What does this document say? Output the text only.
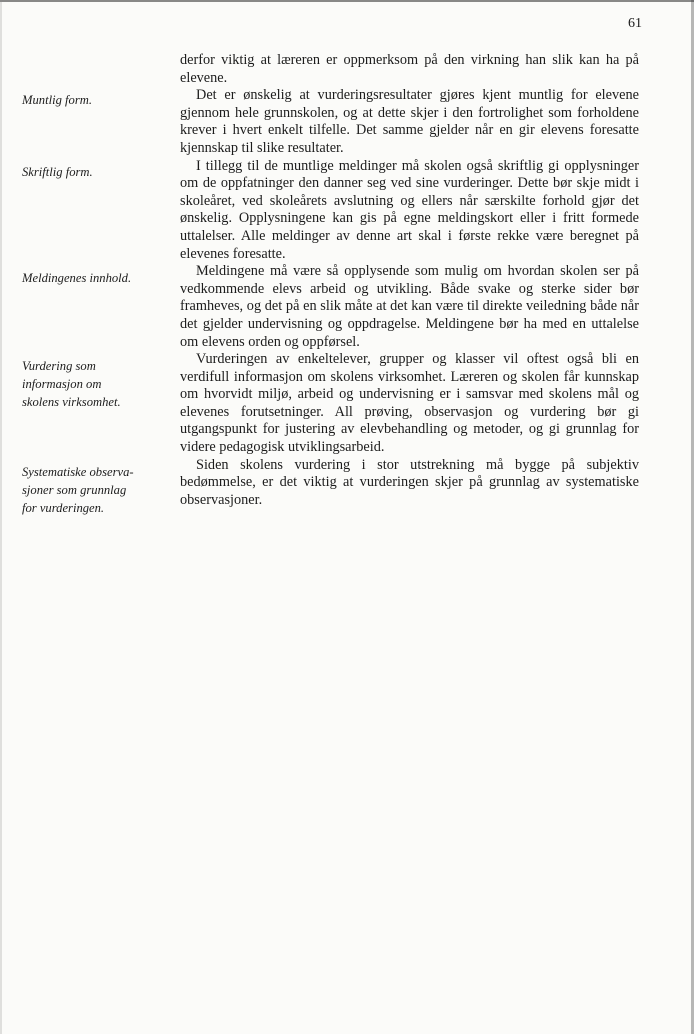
61
Muntlig form.
Skriftlig form.
Meldingenes innhold.
Vurdering som
informasjon om
skolens virksomhet.
Systematiske observa-
sjoner som grunnlag
for vurderingen.

derfor viktig at læreren er oppmerksom på den virkning han slik kan ha på elevene.

Det er ønskelig at vurderingsresultater gjøres kjent muntlig for elevene gjennom hele grunnskolen, og at dette skjer i den fortrolighet som forholdene krever i hvert enkelt tilfelle. Det samme gjelder når en gir elevens foresatte kjennskap til slike resultater.

I tillegg til de muntlige meldinger må skolen også skriftlig gi opplysninger om de oppfatninger den danner seg ved sine vurderinger. Dette bør skje midt i skoleåret, ved skoleårets avslutning og ellers når særskilte forhold gjør det ønskelig. Opplysningene kan gis på egne meldingskort eller i fritt formede uttalelser. Alle meldinger av denne art skal i første rekke være beregnet på elevenes foresatte.

Meldingene må være så opplysende som mulig om hvordan skolen ser på vedkommende elevs arbeid og utvikling. Både svake og sterke sider bør framheves, og det på en slik måte at det kan være til direkte veiledning både når det gjelder undervisning og oppdragelse. Meldingene bør ha med en uttalelse om elevens orden og oppførsel.

Vurderingen av enkeltelever, grupper og klasser vil oftest også bli en verdifull informasjon om skolens virksomhet. Læreren og skolen får kunnskap om hvorvidt miljø, arbeid og undervisning er i samsvar med skolens mål og elevenes forutsetninger. All prøving, observasjon og vurdering bør gi utgangspunkt for justering av elevbehandling og metoder, og gi grunnlag for videre pedagogisk utviklingsarbeid.

Siden skolens vurdering i stor utstrekning må bygge på subjektiv bedømmelse, er det viktig at vurderingen skjer på grunnlag av systematiske observasjoner.
